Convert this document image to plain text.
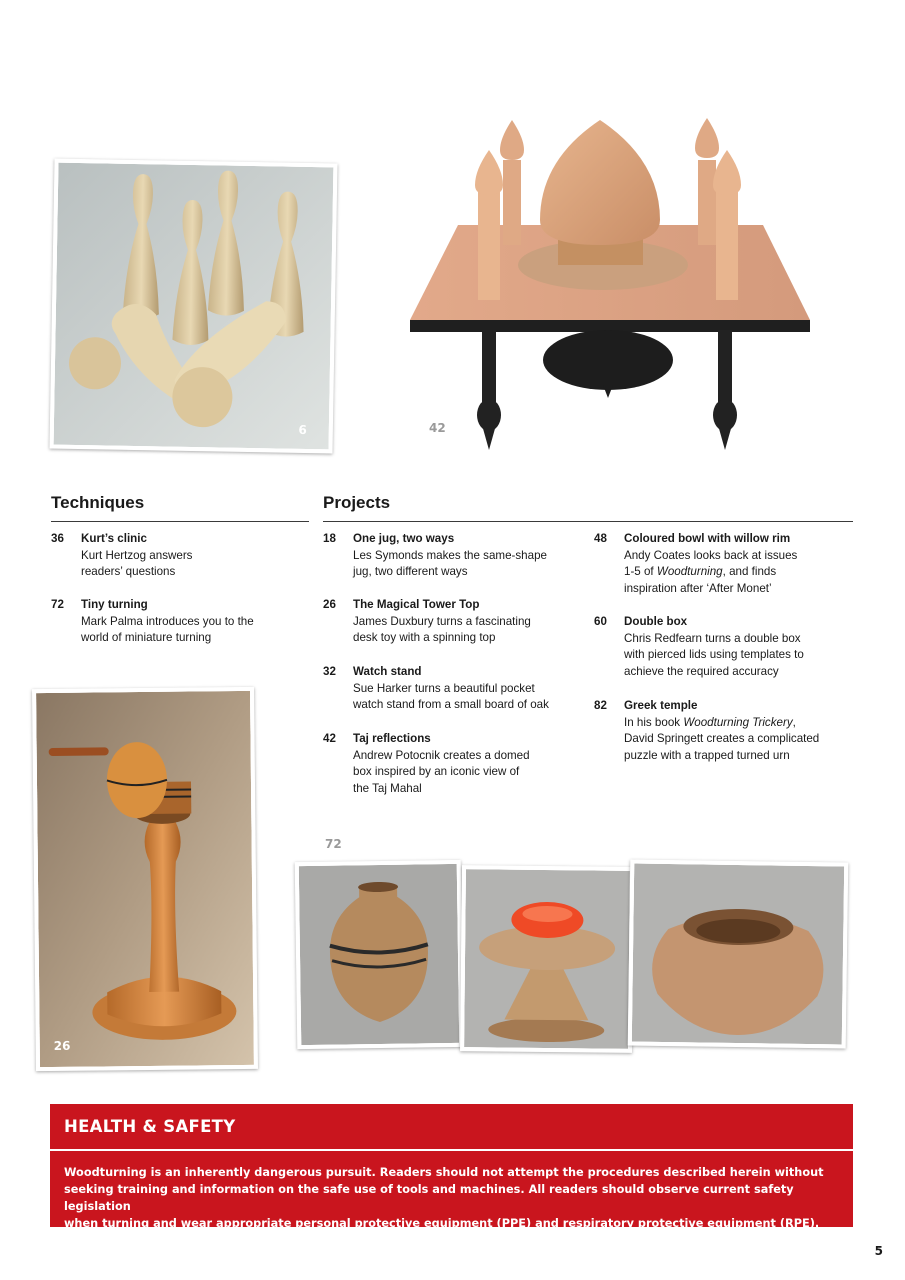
6	42
Techniques	Projects
36	Kurt’s clinic
Kurt Hertzog answers
readers’ questions
72	Tiny turning
Mark Palma introduces you to the
world of miniature turning
18	One jug, two ways
Les Symonds makes the same-shape
jug, two different ways
26	The Magical Tower Top
James Duxbury turns a fascinating
desk toy with a spinning top
32	Watch stand
Sue Harker turns a beautiful pocket
watch stand from a small board of oak
42	Taj reflections
Andrew Potocnik creates a domed
box inspired by an iconic view of
the Taj Mahal
48	Coloured bowl with willow rim
Andy Coates looks back at issues
1-5 of Woodturning, and finds
inspiration after ‘After Monet’
60	Double box
Chris Redfearn turns a double box
with pierced lids using templates to
achieve the required accuracy
82	Greek temple
In his book Woodturning Trickery,
David Springett creates a complicated
puzzle with a trapped turned urn
26
72
HEALTH & SAFETY
Woodturning is an inherently dangerous pursuit. Readers should not attempt the procedures described herein without
seeking training and information on the safe use of tools and machines. All readers should observe current safety legislation
when turning and wear appropriate personal protective equipment (PPE) and respiratory protective equipment (RPE).
5
